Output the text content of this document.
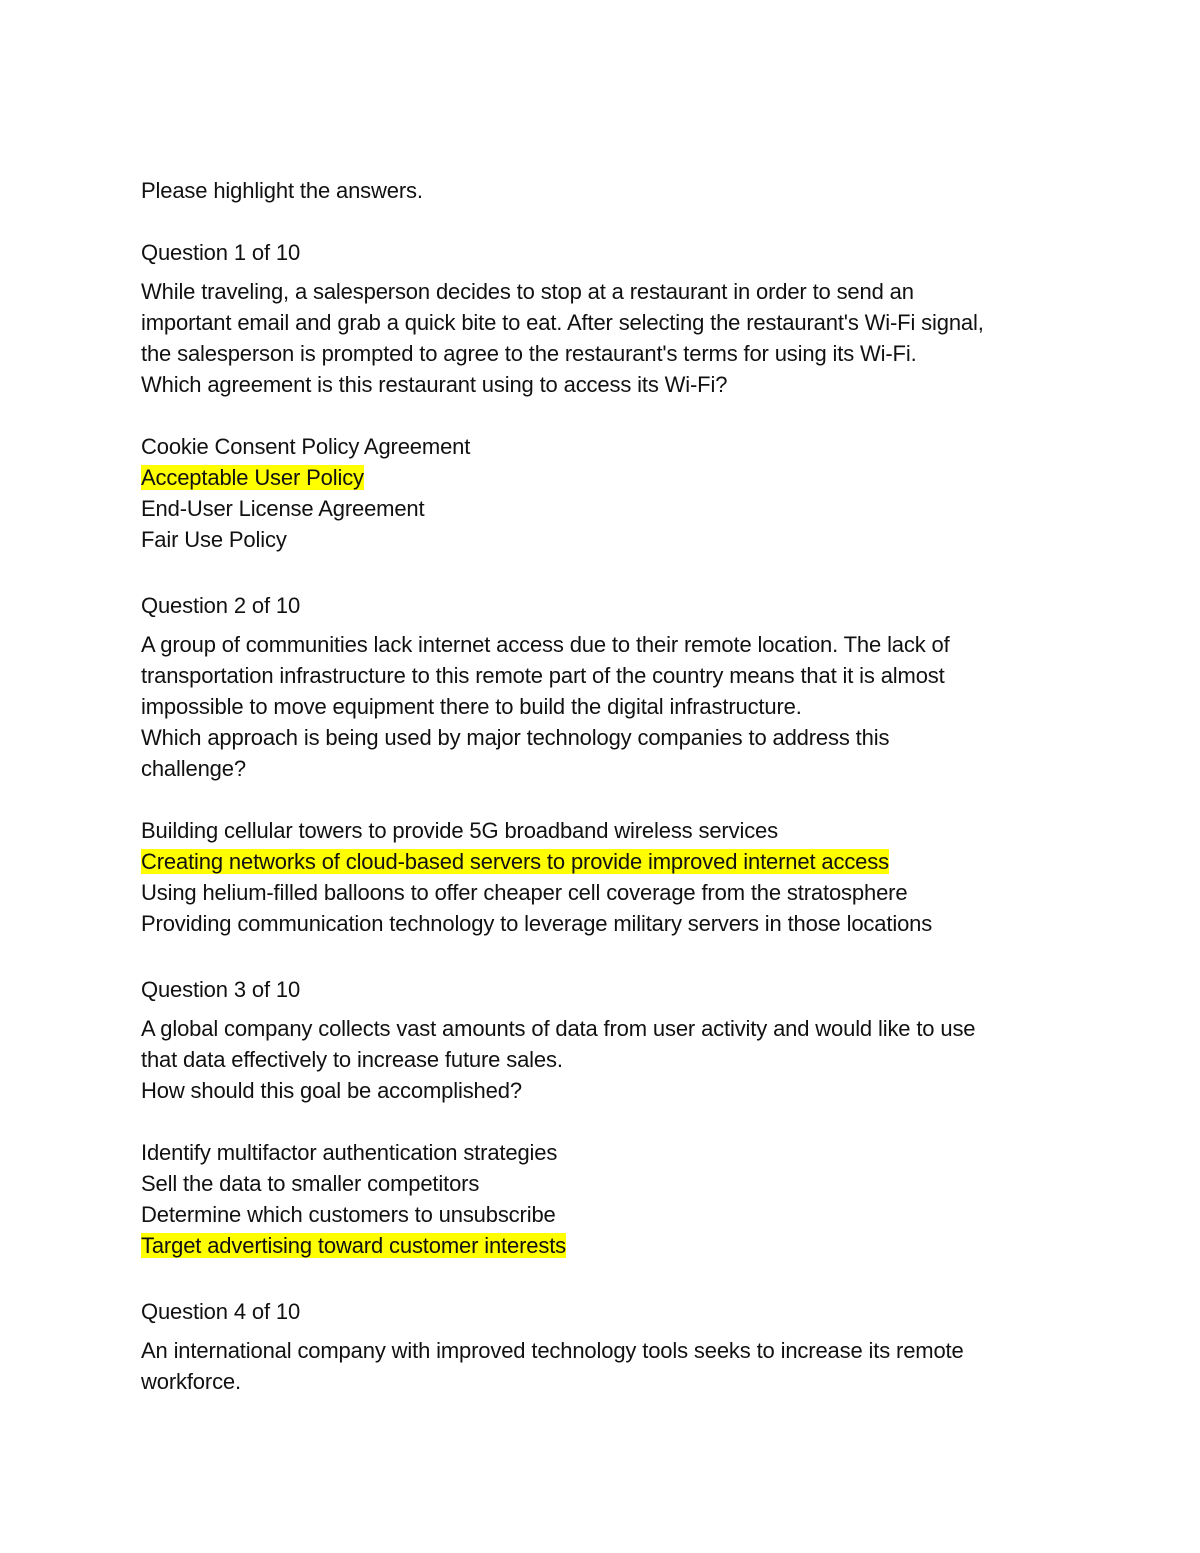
Please highlight the answers.

Question 1 of 10

While traveling, a salesperson decides to stop at a restaurant in order to send an
important email and grab a quick bite to eat. After selecting the restaurant's Wi-Fi signal,
the salesperson is prompted to agree to the restaurant's terms for using its Wi-Fi.
Which agreement is this restaurant using to access its Wi-Fi?

Cookie Consent Policy Agreement
Acceptable User Policy
End-User License Agreement
Fair Use Policy

Question 2 of 10

A group of communities lack internet access due to their remote location. The lack of
transportation infrastructure to this remote part of the country means that it is almost
impossible to move equipment there to build the digital infrastructure.
Which approach is being used by major technology companies to address this
challenge?

Building cellular towers to provide 5G broadband wireless services
Creating networks of cloud-based servers to provide improved internet access
Using helium-filled balloons to offer cheaper cell coverage from the stratosphere
Providing communication technology to leverage military servers in those locations

Question 3 of 10

A global company collects vast amounts of data from user activity and would like to use
that data effectively to increase future sales.
How should this goal be accomplished?

Identify multifactor authentication strategies
Sell the data to smaller competitors
Determine which customers to unsubscribe
Target advertising toward customer interests

Question 4 of 10

An international company with improved technology tools seeks to increase its remote
workforce.
